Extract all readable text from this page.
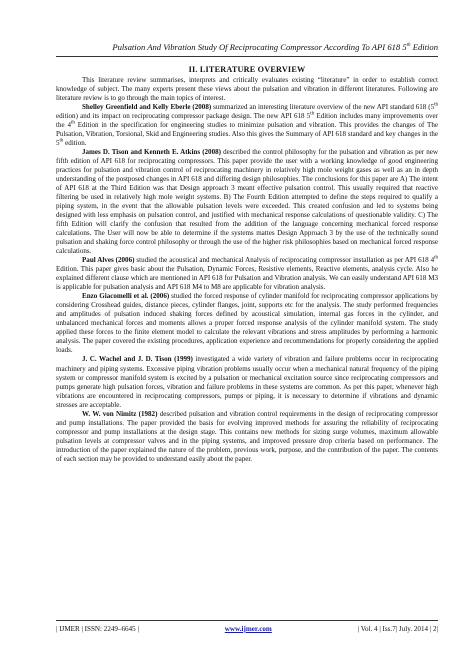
Pulsation And Vibration Study Of Reciprocating Compressor According To API 618 5th Edition
II. LITERATURE OVERVIEW

This literature review summarises, interprets and critically evaluates existing “literature” in order to establish correct knowledge of subject. The many experts present these views about the pulsation and vibration in different literatures. Following are literature review is to go through the main topics of interest.

Shelley Greenfield and Kelly Eberle (2008) summarized an interesting literature overview of the new API standard 618 (5th edition) and its impact on reciprocating compressor package design. The new API 618 5th Edition includes many improvements over the 4th Edition in the specification for engineering studies to minimize pulsation and vibration. This provides the changes of The Pulsation, Vibration, Torsional, Skid and Engineering studies. Also this gives the Summary of API 618 standard and key changes in the 5th edition.

James D. Tison and Kenneth E. Atkins (2008) described the control philosophy for the pulsation and vibration as per new fifth edition of API 618 for reciprocating compressors. This paper provide the user with a working knowledge of good engineering practices for pulsation and vibration control of reciprocating machinery in relatively high mole weight gases as well as an in depth understanding of the postposed changes in API 618 and differing design philosophies. The conclusions for this paper are A) The intent of API 618 at the Third Edition was that Design approach 3 meant effective pulsation control. This usually required that reactive filtering be used in relatively high mole weight systems. B) The Fourth Edition attempted to define the steps required to qualify a piping system, in the event that the allowable pulsation levels were exceeded. This created confusion and led to systems being designed with less emphasis on pulsation control, and justified with mechanical response calculations of questionable validity. C) The fifth Edition will clarify the confusion that resulted from the addition of the language concerning mechanical forced response calculations. The User will now be able to determine if the systems mattes Design Approach 3 by the use of the technically sound pulsation and shaking force control philosophy or through the use of the higher risk philosophies based on mechanical forced response calculations.

Paul Alves (2006) studied the acoustical and mechanical Analysis of reciprocating compressor installation as per API 618 4th Edition. This paper gives basic about the Pulsation, Dynamic Forces, Resistive elements, Reactive elements, analysis cycle. Also he explained different clause which are mentioned in API 618 for Pulsation and Vibration analysis. We can easily understand API 618 M3 is applicable for pulsation analysis and API 618 M4 to M8 are applicable for vibration analysis.

Enzo Giacomelli et al. (2006) studied the forced response of cylinder manifold for reciprocating compressor applications by considering Crosshead guides, distance pieces, cylinder flanges, joint, supports etc for the analysis. The study performed frequencies and amplitudes of pulsation induced shaking forces defined by acoustical simulation, internal gas forces in the cylinder, and unbalanced mechanical forces and moments allows a proper forced response analysis of the cylinder manifold system. The study applied these forces to the finite element model to calculate the relevant vibrations and stress amplitudes by performing a harmonic analysis. The paper covered the existing procedures, application experience and recommendations for properly considering the applied loads.

J. C. Wachel and J. D. Tison (1999) investigated a wide variety of vibration and failure problems occur in reciprocating machinery and piping systems. Excessive piping vibration problems usually occur when a mechanical natural frequency of the piping system or compressor manifold system is excited by a pulsation or mechanical excitation source since reciprocating compressors and pumps generate high pulsation forces, vibration and failure problems in these systems are common. As per this paper, whenever high vibrations are encountered in reciprocating compressors, pumps or piping, it is necessary to determine if vibrations and dynamic stresses are acceptable.

W. W. von Nimitz (1982) described pulsation and vibration control requirements in the design of reciprocating compressor and pump installations. The paper provided the basis for evolving improved methods for assuring the reliability of reciprocating compressor and pump installations at the design stage. This contains new methods for sizing surge volumes, maximum allowable pulsation levels at compressor valves and in the piping systems, and improved pressure drop criteria based on performance. The introduction of the paper explained the nature of the problem, previous work, purpose, and the contribution of the paper. The contents of each section may be provided to understand easily about the paper.

| IJMER | ISSN: 2249–6645 |	www.ijmer.com	| Vol. 4 | Iss.7| July. 2014 | 2|
